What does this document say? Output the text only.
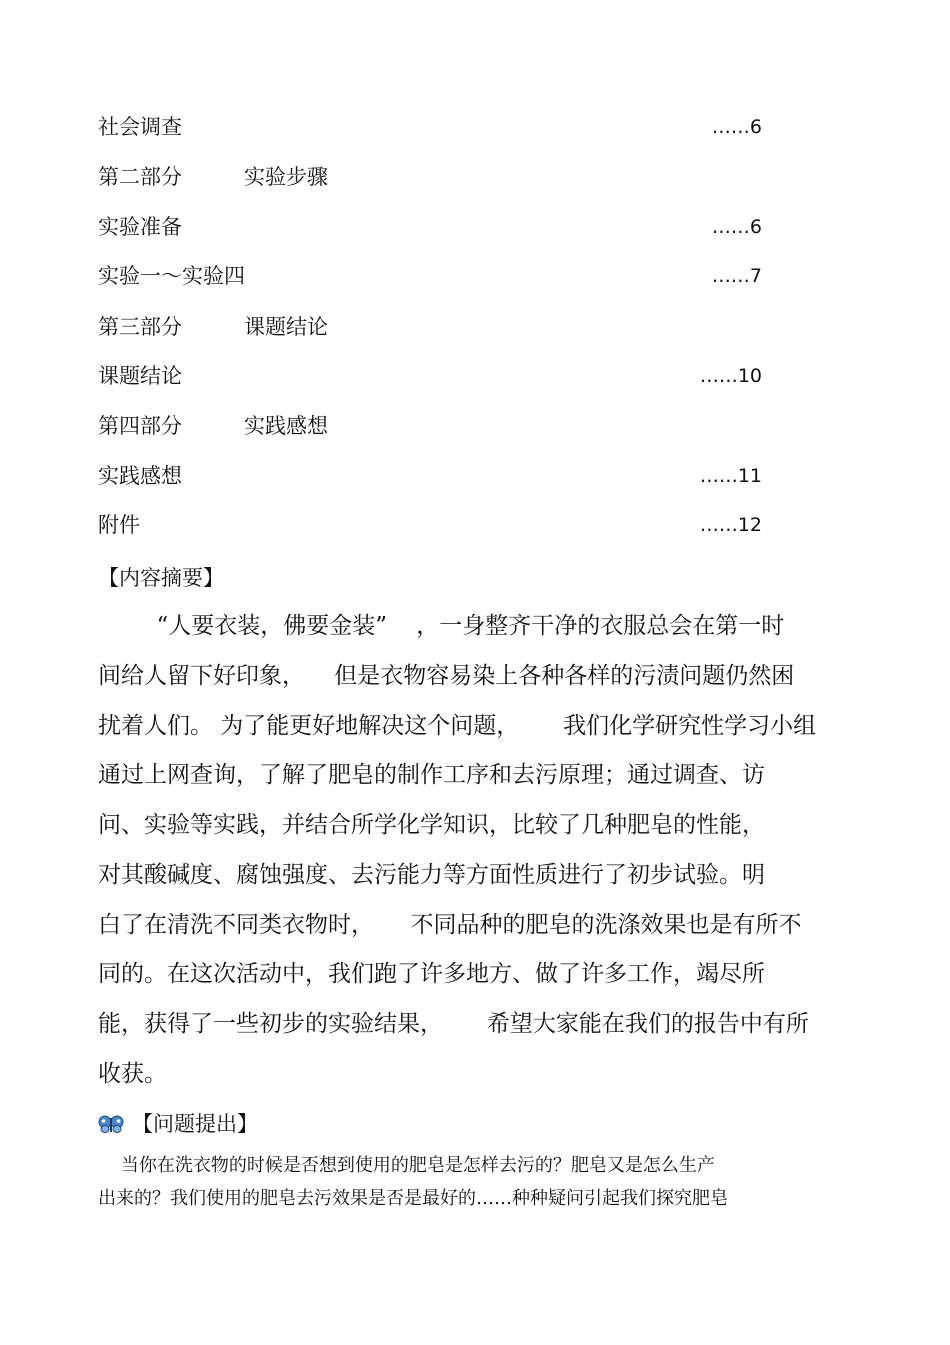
社会调查	……6
第二部分	实验步骤
实验准备	……6
实验一～实验四	……7
第三部分	课题结论
课题结论	……10
第四部分	实践感想
实践感想	……11
附件	……12
【内容摘要】
“人要衣装，佛要金装”    ，一身整齐干净的衣服总会在第一时
间给人留下好印象，    但是衣物容易染上各种各样的污渍问题仍然困
扰着人们。 为了能更好地解决这个问题，      我们化学研究性学习小组
通过上网查询，了解了肥皂的制作工序和去污原理；通过调查、访
问、实验等实践，并结合所学化学知识，比较了几种肥皂的性能，
对其酸碱度、腐蚀强度、去污能力等方面性质进行了初步试验。明
白了在清洗不同类衣物时，     不同品种的肥皂的洗涤效果也是有所不
同的。在这次活动中，我们跑了许多地方、做了许多工作，竭尽所
能，获得了一些初步的实验结果，      希望大家能在我们的报告中有所
收获。
【问题提出】
当你在洗衣物的时候是否想到使用的肥皂是怎样去污的？肥皂又是怎么生产
出来的？我们使用的肥皂去污效果是否是最好的……种种疑问引起我们探究肥皂
